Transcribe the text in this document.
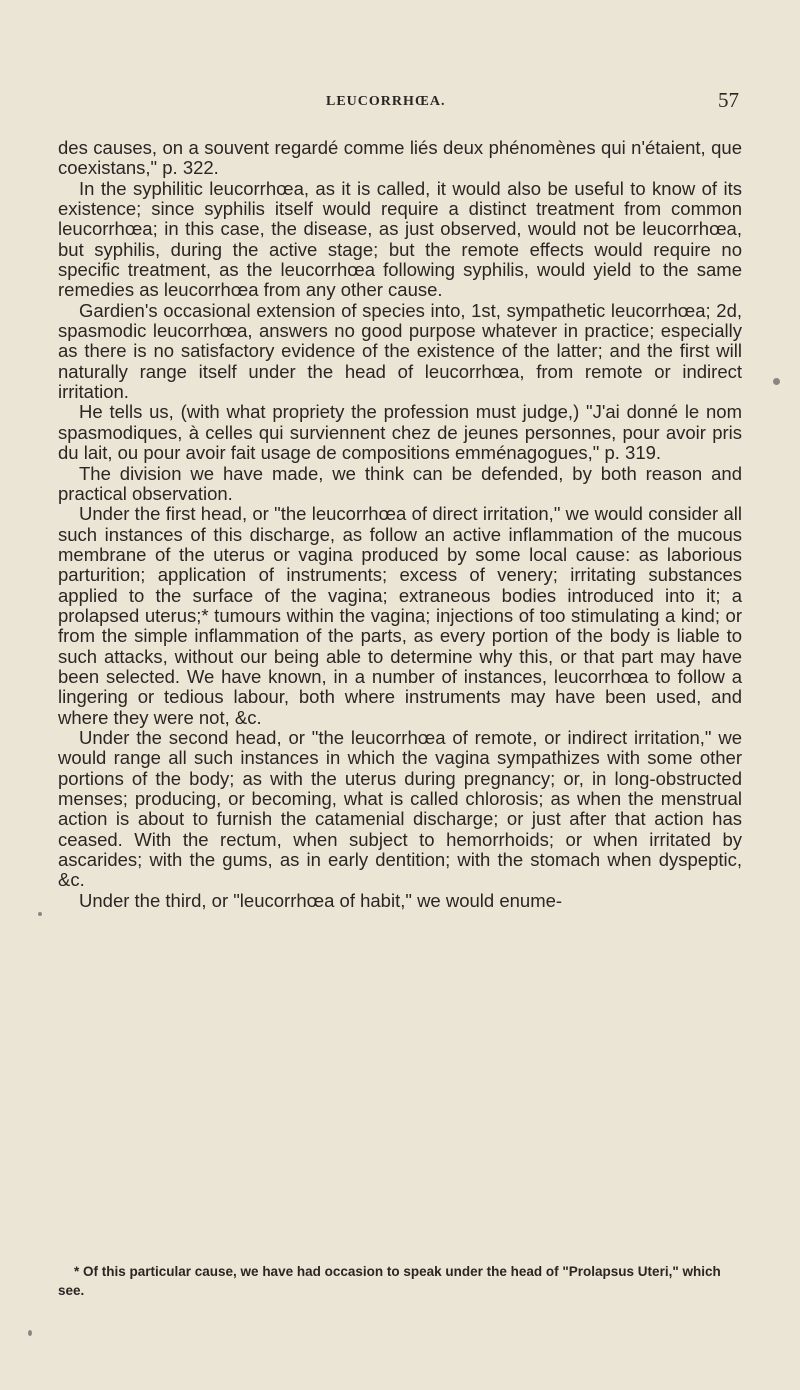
LEUCORRHŒA.	57

des causes, on a souvent regardé comme liés deux phénomènes qui n'étaient, que coexistans," p. 322.

In the syphilitic leucorrhœa, as it is called, it would also be useful to know of its existence; since syphilis itself would require a distinct treatment from common leucorrhœa; in this case, the disease, as just observed, would not be leucorrhœa, but syphilis, during the active stage; but the remote effects would require no specific treatment, as the leucorrhœa following syphilis, would yield to the same remedies as leucorrhœa from any other cause.

Gardien's occasional extension of species into, 1st, sympathetic leucorrhœa; 2d, spasmodic leucorrhœa, answers no good purpose whatever in practice; especially as there is no satisfactory evidence of the existence of the latter; and the first will naturally range itself under the head of leucorrhœa, from remote or indirect irritation.

He tells us, (with what propriety the profession must judge,) "J'ai donné le nom spasmodiques, à celles qui surviennent chez de jeunes personnes, pour avoir pris du lait, ou pour avoir fait usage de compositions emménagogues," p. 319.

The division we have made, we think can be defended, by both reason and practical observation.

Under the first head, or "the leucorrhœa of direct irritation," we would consider all such instances of this discharge, as follow an active inflammation of the mucous membrane of the uterus or vagina produced by some local cause: as laborious parturition; application of instruments; excess of venery; irritating substances applied to the surface of the vagina; extraneous bodies introduced into it; a prolapsed uterus;* tumours within the vagina; injections of too stimulating a kind; or from the simple inflammation of the parts, as every portion of the body is liable to such attacks, without our being able to determine why this, or that part may have been selected. We have known, in a number of instances, leucorrhœa to follow a lingering or tedious labour, both where instruments may have been used, and where they were not, &c.

Under the second head, or "the leucorrhœa of remote, or indirect irritation," we would range all such instances in which the vagina sympathizes with some other portions of the body; as with the uterus during pregnancy; or, in long-obstructed menses; producing, or becoming, what is called chlorosis; as when the menstrual action is about to furnish the catamenial discharge; or just after that action has ceased. With the rectum, when subject to hemorrhoids; or when irritated by ascarides; with the gums, as in early dentition; with the stomach when dyspeptic, &c.

Under the third, or "leucorrhœa of habit," we would enume-

* Of this particular cause, we have had occasion to speak under the head of "Prolapsus Uteri," which see.
